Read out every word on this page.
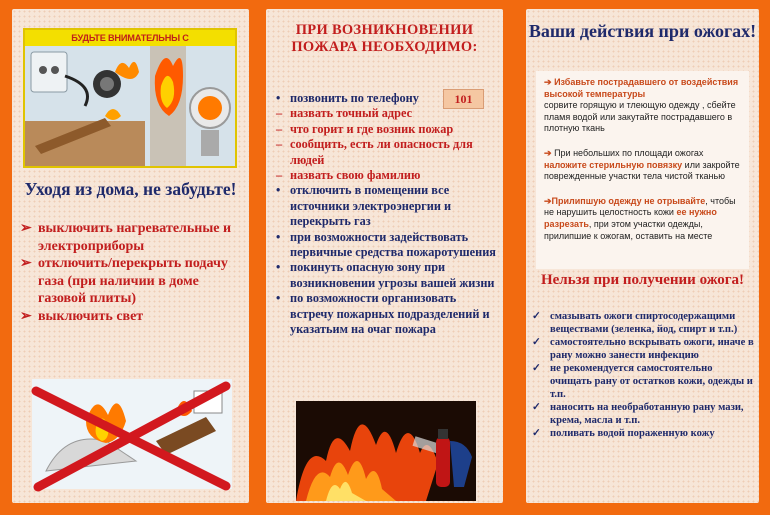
БУДЬТЕ ВНИМАТЕЛЬНЫ С
Уходя из дома, не забудьте!
➢ выключить нагревательные и электроприборы
➢ отключить/перекрыть подачу газа (при наличии в доме газовой плиты)
➢ выключить свет
ПРИ ВОЗНИКНОВЕНИИ ПОЖАРА НЕОБХОДИМО:
101
• позвонить по телефону
– назвать точный адрес
– что горит и где возник пожар
– сообщить, есть ли опасность для людей
– назвать свою фамилию
• отключить в помещении все источники электроэнергии и перекрыть газ
• при возможности задействовать первичные средства пожаротушения
• покинуть опасную зону при возникновении угрозы вашей жизни
• по возможности организовать встречу пожарных подразделений и указатьим на очаг пожара
Ваши действия при ожогах!

➔ Избавьте пострадавшего от воздействия высокой температуры
сорвите горящую и тлеющую одежду , сбейте пламя водой или закутайте пострадавшего в плотную ткань

➔ При небольших по площади ожогах наложите стерильную повязку или закройте поврежденные участки тела чистой тканью

➔Прилипшую одежду не отрывайте, чтобы не нарушить целостность кожи ее нужно разрезать, при этом участки одежды, прилипшие к ожогам, оставить на месте

Нельзя при получении ожога!
✓ смазывать ожоги спиртосодержащими веществами (зеленка, йод, спирт и т.п.)
✓ самостоятельно вскрывать ожоги, иначе в рану можно занести инфекцию
✓ не рекомендуется самостоятельно очищать рану от остатков кожи, одежды и т.п.
✓ наносить на необработанную рану мази, крема, масла и т.п.
✓ поливать водой пораженную кожу
